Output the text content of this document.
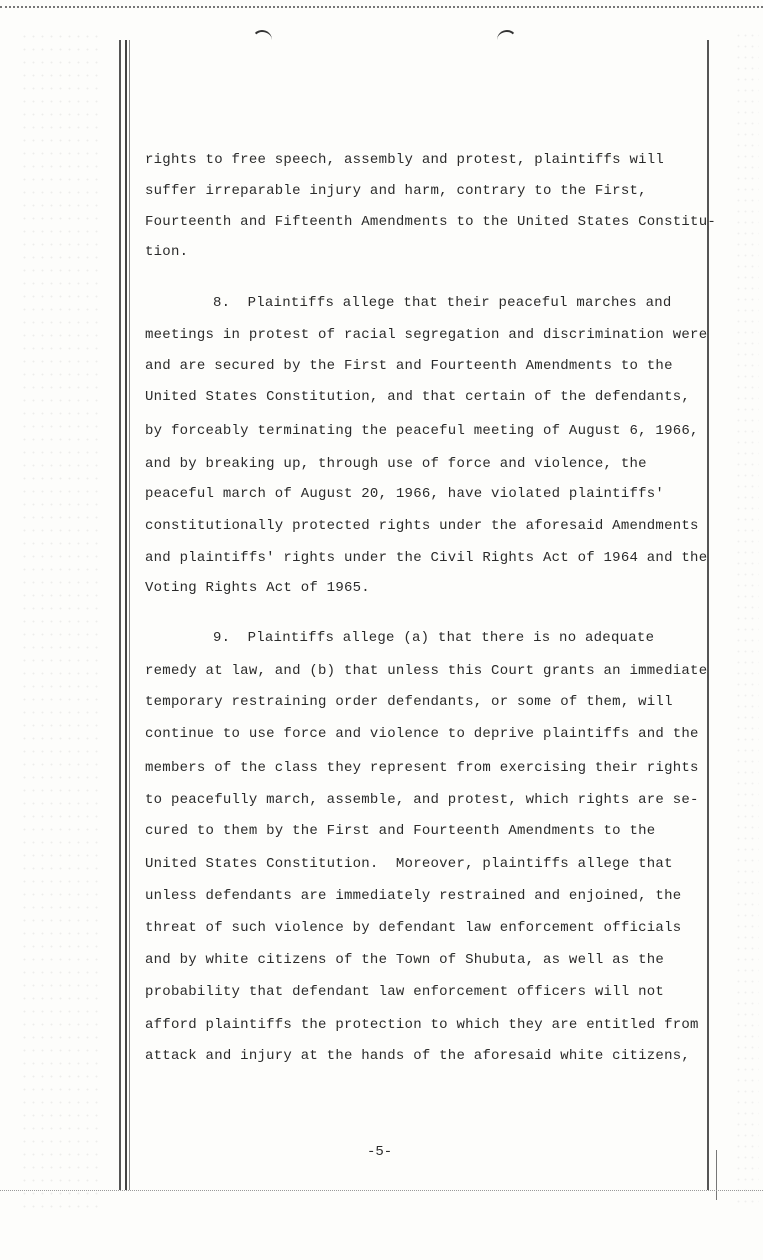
rights to free speech, assembly and protest, plaintiffs will
suffer irreparable injury and harm, contrary to the First,
Fourteenth and Fifteenth Amendments to the United States Constitu-
tion.
8.  Plaintiffs allege that their peaceful marches and
meetings in protest of racial segregation and discrimination were
and are secured by the First and Fourteenth Amendments to the
United States Constitution, and that certain of the defendants,
by forceably terminating the peaceful meeting of August 6, 1966,
and by breaking up, through use of force and violence, the
peaceful march of August 20, 1966, have violated plaintiffs'
constitutionally protected rights under the aforesaid Amendments
and plaintiffs' rights under the Civil Rights Act of 1964 and the
Voting Rights Act of 1965.
9.  Plaintiffs allege (a) that there is no adequate
remedy at law, and (b) that unless this Court grants an immediate
temporary restraining order defendants, or some of them, will
continue to use force and violence to deprive plaintiffs and the
members of the class they represent from exercising their rights
to peacefully march, assemble, and protest, which rights are se-
cured to them by the First and Fourteenth Amendments to the
United States Constitution.  Moreover, plaintiffs allege that
unless defendants are immediately restrained and enjoined, the
threat of such violence by defendant law enforcement officials
and by white citizens of the Town of Shubuta, as well as the
probability that defendant law enforcement officers will not
afford plaintiffs the protection to which they are entitled from
attack and injury at the hands of the aforesaid white citizens,
-5-
